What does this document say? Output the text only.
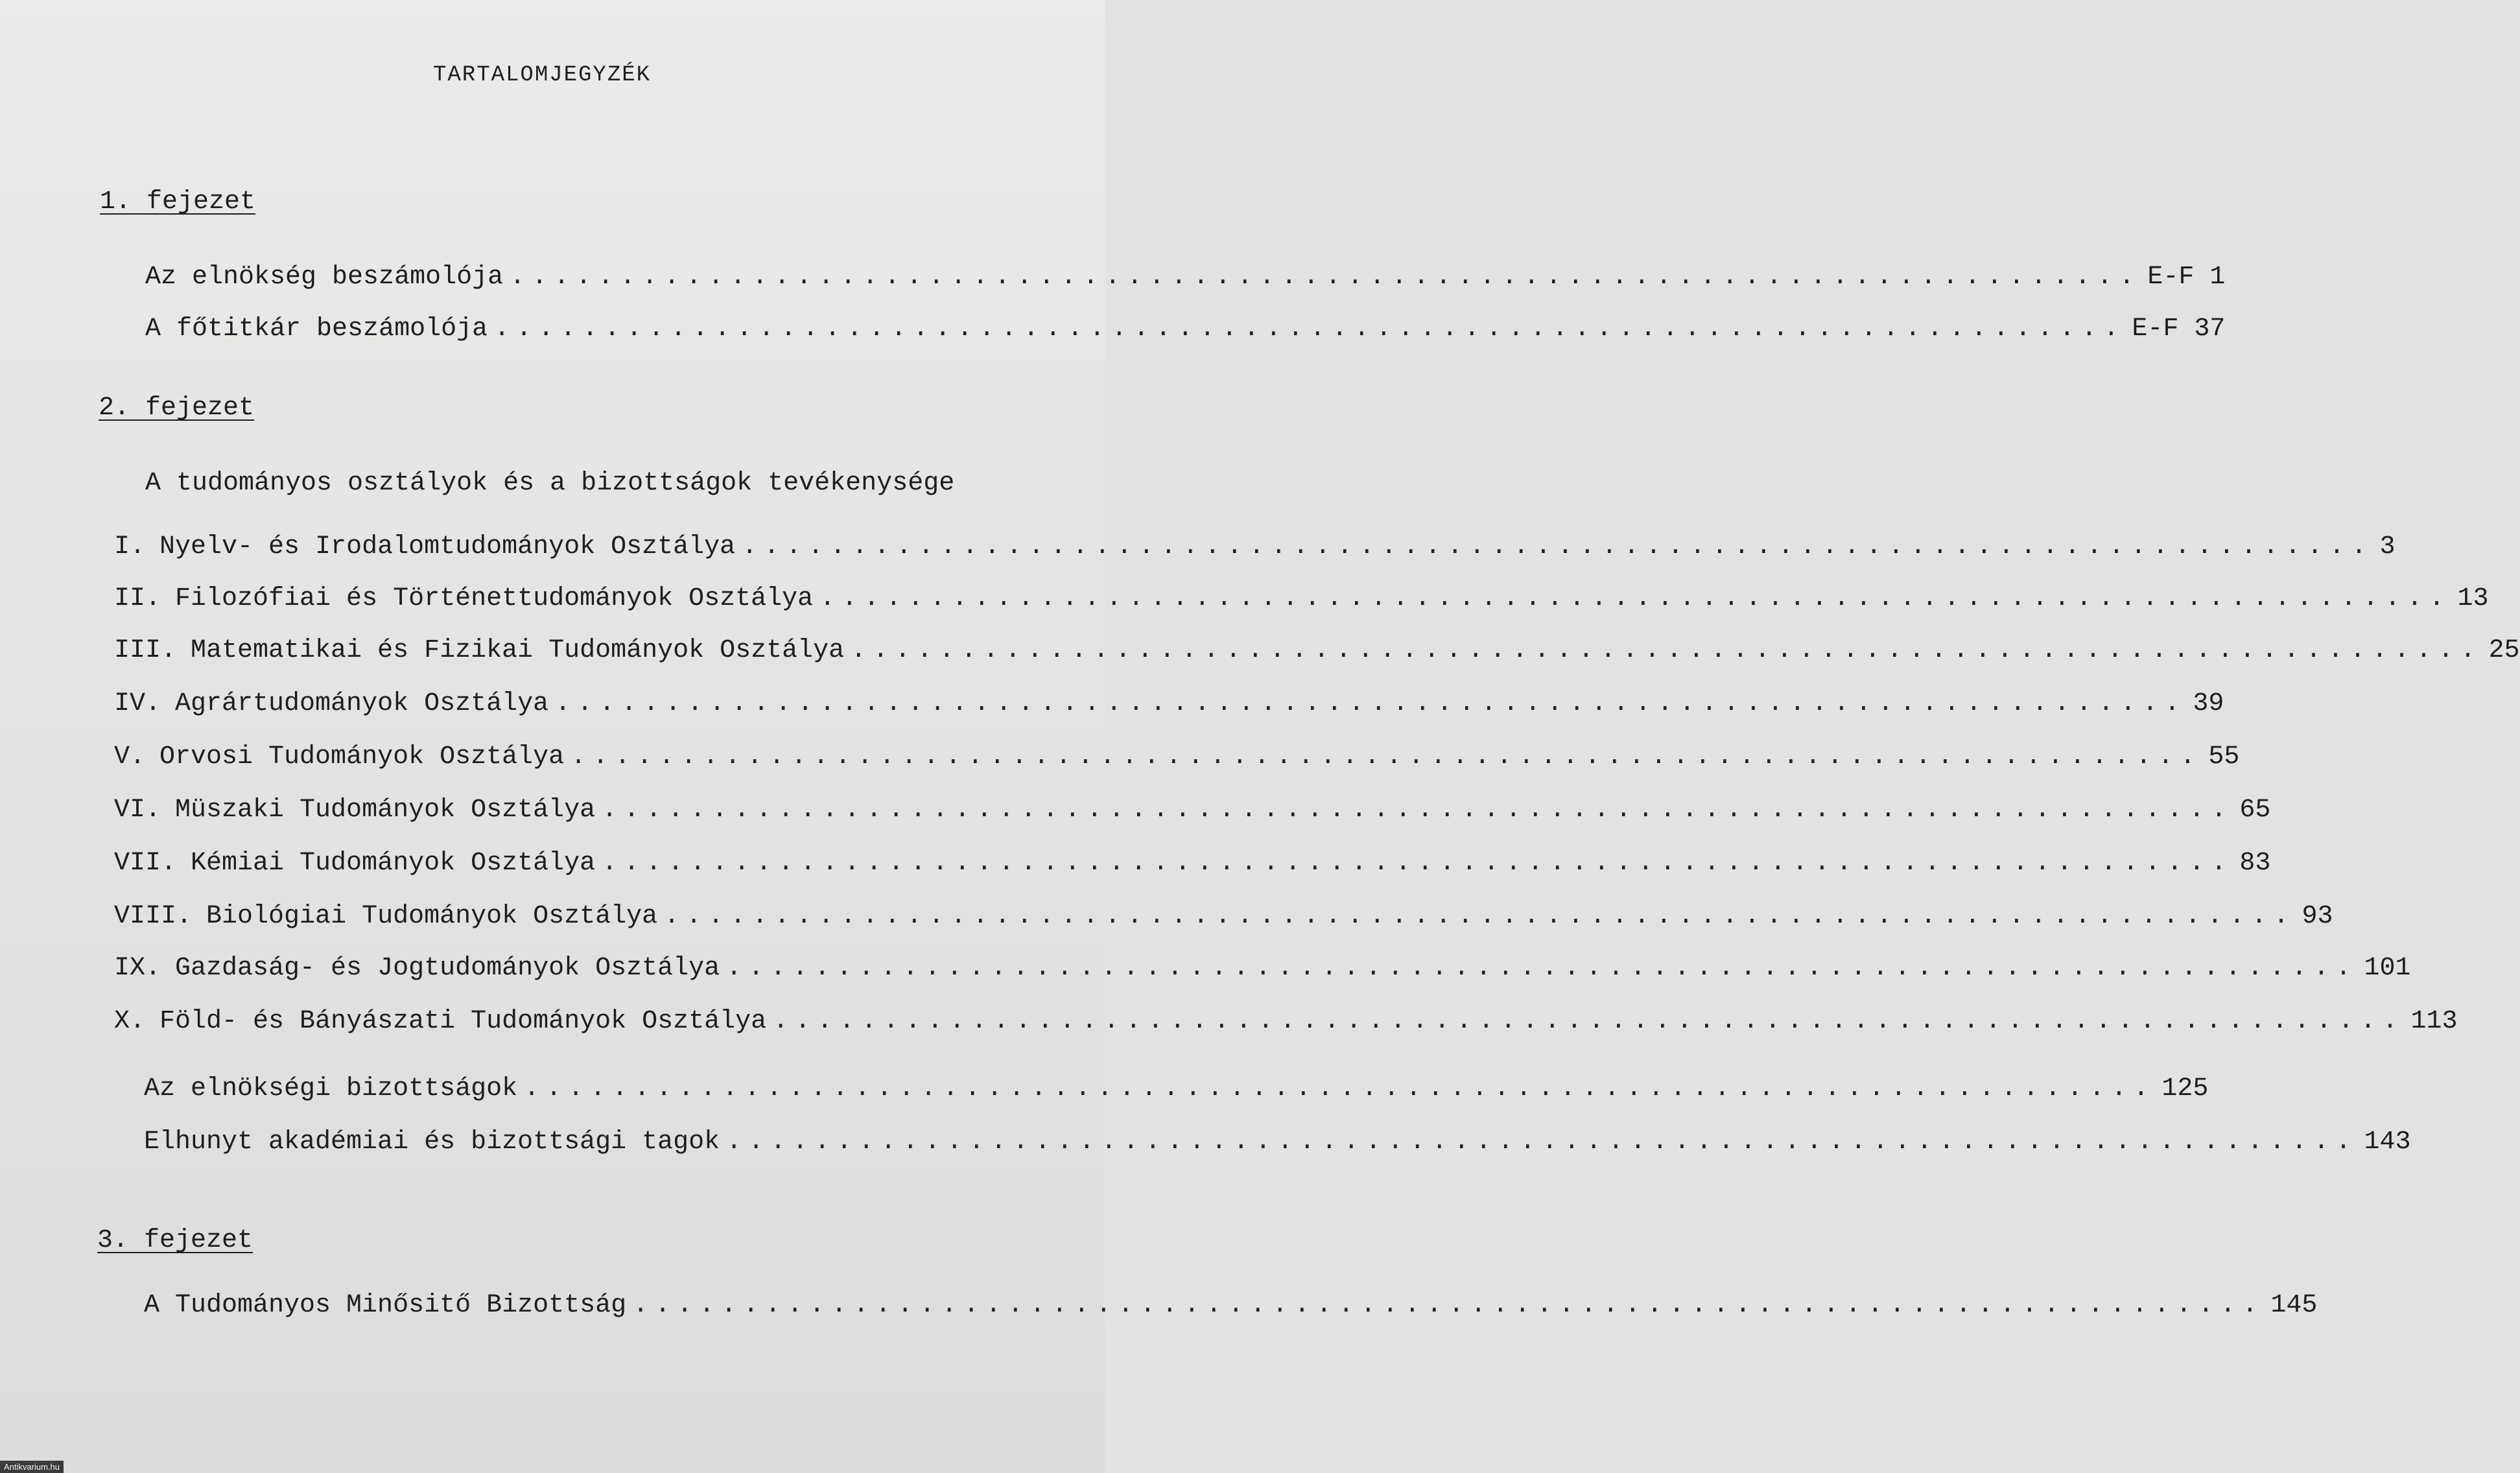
TARTALOMJEGYZÉK
1. fejezet
Az elnökség beszámolója .......................................................................... E-F 1
A főtitkár beszámolója .......................................................................... E-F 37
2. fejezet
A tudományos osztályok és a bizottságok tevékenysége
I. Nyelv- és Irodalomtudományok Osztálya .......................................................................... 3
II. Filozófiai és Történettudományok Osztálya .......................................................................... 13
III. Matematikai és Fizikai Tudományok Osztálya .......................................................................... 25
IV. Agrártudományok Osztálya .......................................................................... 39
V. Orvosi Tudományok Osztálya .......................................................................... 55
VI. Müszaki Tudományok Osztálya .......................................................................... 65
VII. Kémiai Tudományok Osztálya .......................................................................... 83
VIII. Biológiai Tudományok Osztálya .......................................................................... 93
IX. Gazdaság- és Jogtudományok Osztálya .......................................................................... 101
X. Föld- és Bányászati Tudományok Osztálya .......................................................................... 113
Az elnökségi bizottságok .......................................................................... 125
Elhunyt akadémiai és bizottsági tagok .......................................................................... 143
3. fejezet
A Tudományos Minősitő Bizottság .......................................................................... 145
Antikvarium.hu
